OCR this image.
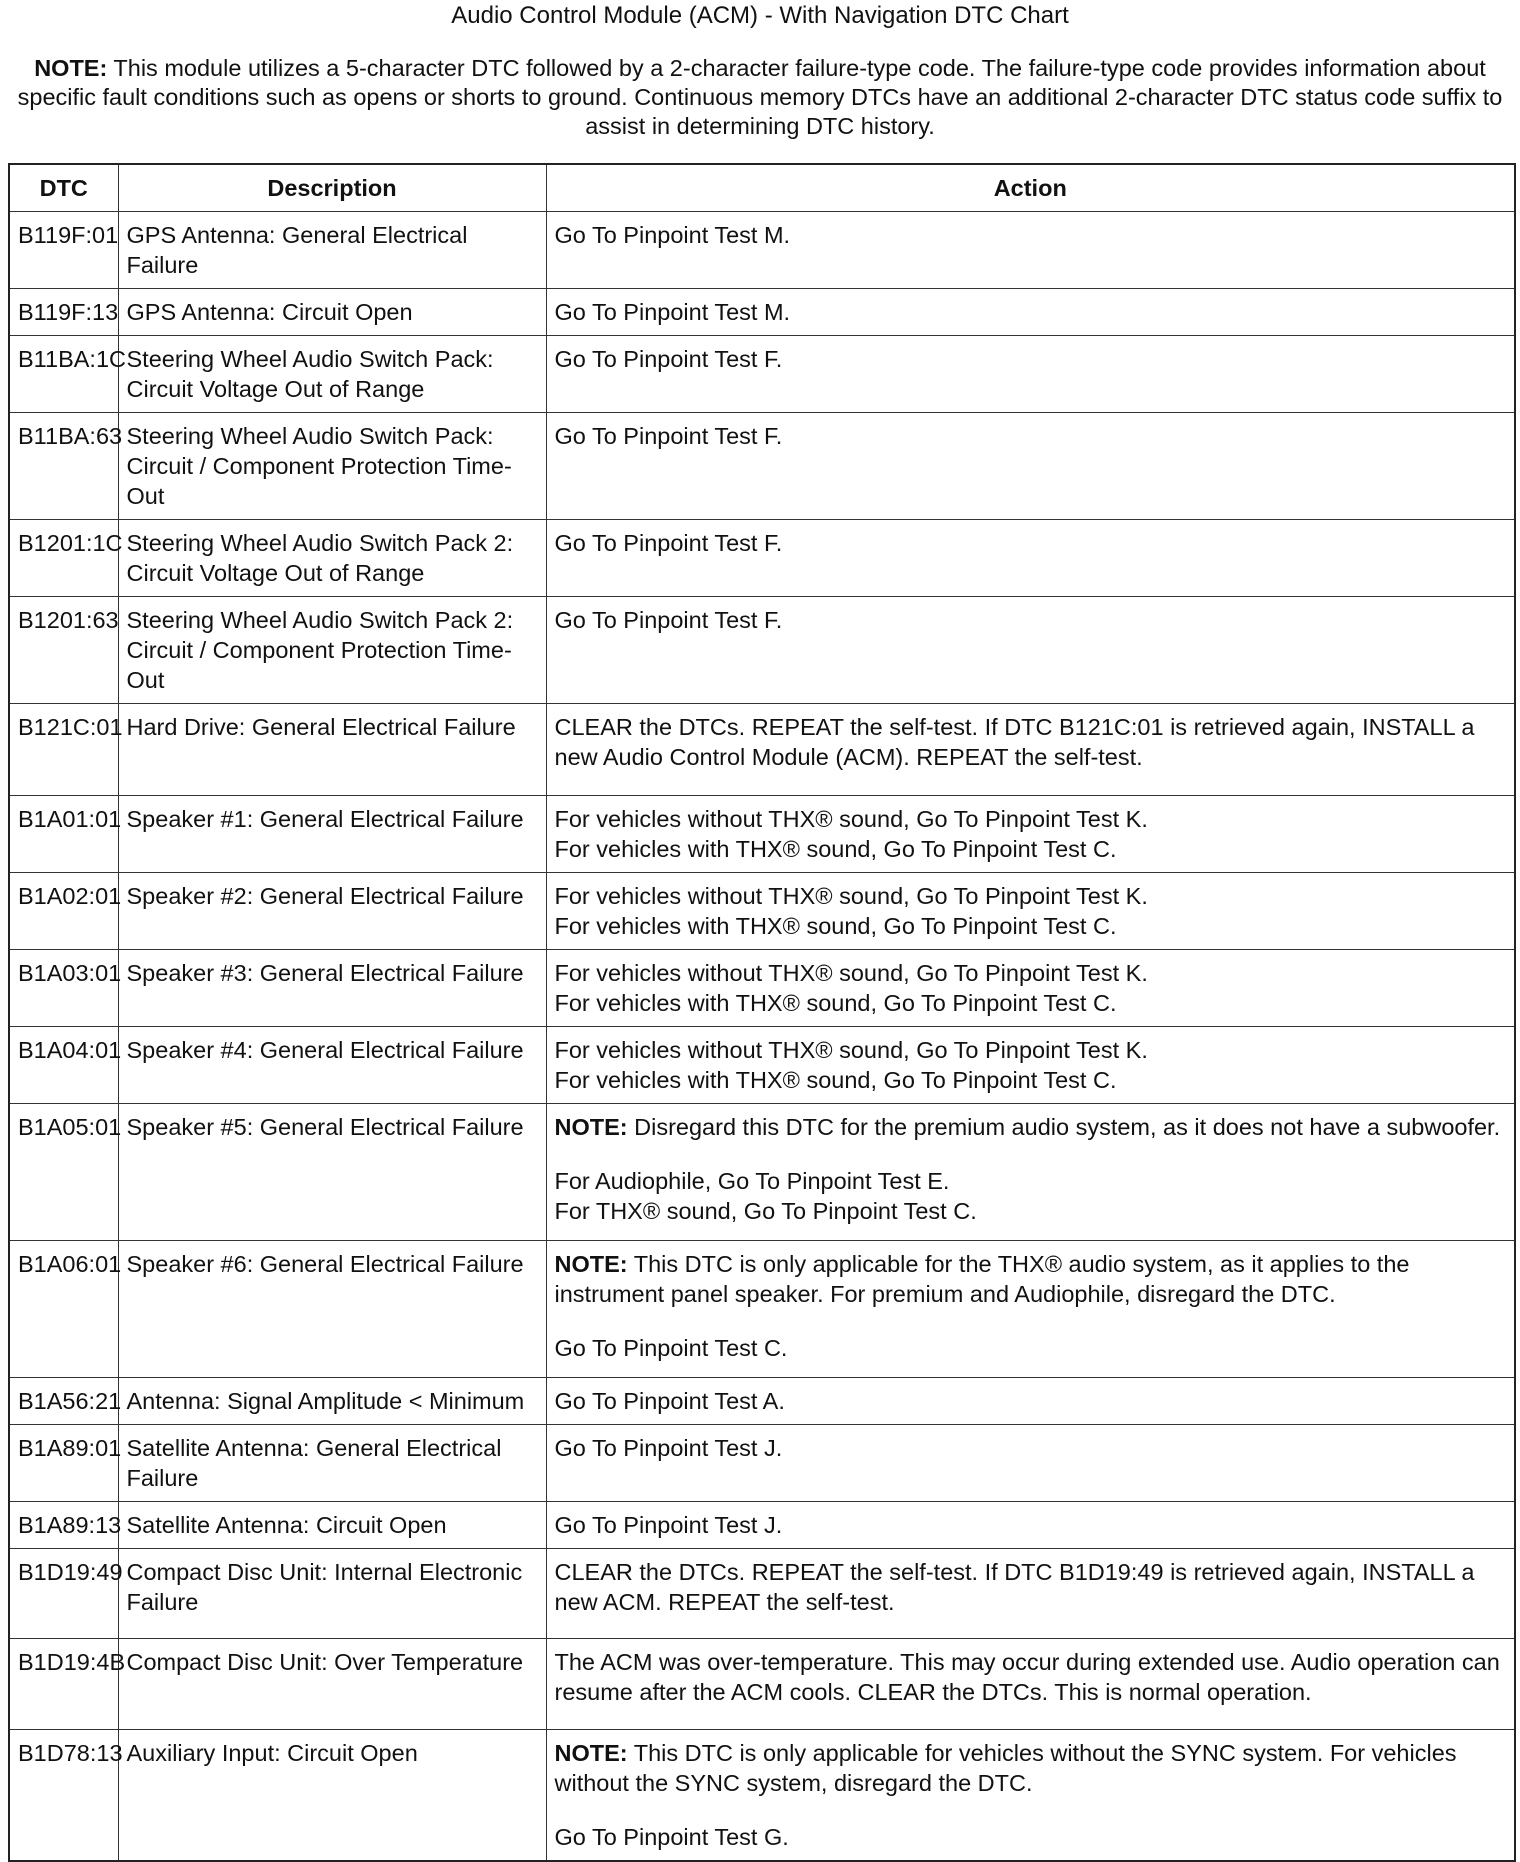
Audio Control Module (ACM) - With Navigation DTC Chart
NOTE: This module utilizes a 5-character DTC followed by a 2-character failure-type code. The failure-type code provides information about specific fault conditions such as opens or shorts to ground. Continuous memory DTCs have an additional 2-character DTC status code suffix to assist in determining DTC history.
DTC	Description	Action
B119F:01	GPS Antenna: General Electrical Failure	Go To Pinpoint Test M.

B119F:13	GPS Antenna: Circuit Open	Go To Pinpoint Test M.

B11BA:1C	Steering Wheel Audio Switch Pack: Circuit Voltage Out of Range	Go To Pinpoint Test F.

B11BA:63	Steering Wheel Audio Switch Pack: Circuit / Component Protection Time-Out	Go To Pinpoint Test F.

B1201:1C	Steering Wheel Audio Switch Pack 2: Circuit Voltage Out of Range	Go To Pinpoint Test F.

B1201:63	Steering Wheel Audio Switch Pack 2: Circuit / Component Protection Time-Out	Go To Pinpoint Test F.

B121C:01	Hard Drive: General Electrical Failure	CLEAR the DTCs. REPEAT the self-test. If DTC B121C:01 is retrieved again, INSTALL a new Audio Control Module (ACM). REPEAT the self-test.

B1A01:01	Speaker #1: General Electrical Failure	For vehicles without THX® sound, Go To Pinpoint Test K.
For vehicles with THX® sound, Go To Pinpoint Test C.

B1A02:01	Speaker #2: General Electrical Failure	For vehicles without THX® sound, Go To Pinpoint Test K.
For vehicles with THX® sound, Go To Pinpoint Test C.

B1A03:01	Speaker #3: General Electrical Failure	For vehicles without THX® sound, Go To Pinpoint Test K.
For vehicles with THX® sound, Go To Pinpoint Test C.

B1A04:01	Speaker #4: General Electrical Failure	For vehicles without THX® sound, Go To Pinpoint Test K.
For vehicles with THX® sound, Go To Pinpoint Test C.

B1A05:01	Speaker #5: General Electrical Failure	NOTE: Disregard this DTC for the premium audio system, as it does not have a subwoofer.
For Audiophile, Go To Pinpoint Test E.
For THX® sound, Go To Pinpoint Test C.

B1A06:01	Speaker #6: General Electrical Failure	NOTE: This DTC is only applicable for the THX® audio system, as it applies to the instrument panel speaker. For premium and Audiophile, disregard the DTC.
Go To Pinpoint Test C.

B1A56:21	Antenna: Signal Amplitude < Minimum	Go To Pinpoint Test A.

B1A89:01	Satellite Antenna: General Electrical Failure	Go To Pinpoint Test J.

B1A89:13	Satellite Antenna: Circuit Open	Go To Pinpoint Test J.

B1D19:49	Compact Disc Unit: Internal Electronic Failure	CLEAR the DTCs. REPEAT the self-test. If DTC B1D19:49 is retrieved again, INSTALL a new ACM. REPEAT the self-test.

B1D19:4B	Compact Disc Unit: Over Temperature	The ACM was over-temperature. This may occur during extended use. Audio operation can resume after the ACM cools. CLEAR the DTCs. This is normal operation.

B1D78:13	Auxiliary Input: Circuit Open	NOTE: This DTC is only applicable for vehicles without the SYNC system. For vehicles without the SYNC system, disregard the DTC.
Go To Pinpoint Test G.
